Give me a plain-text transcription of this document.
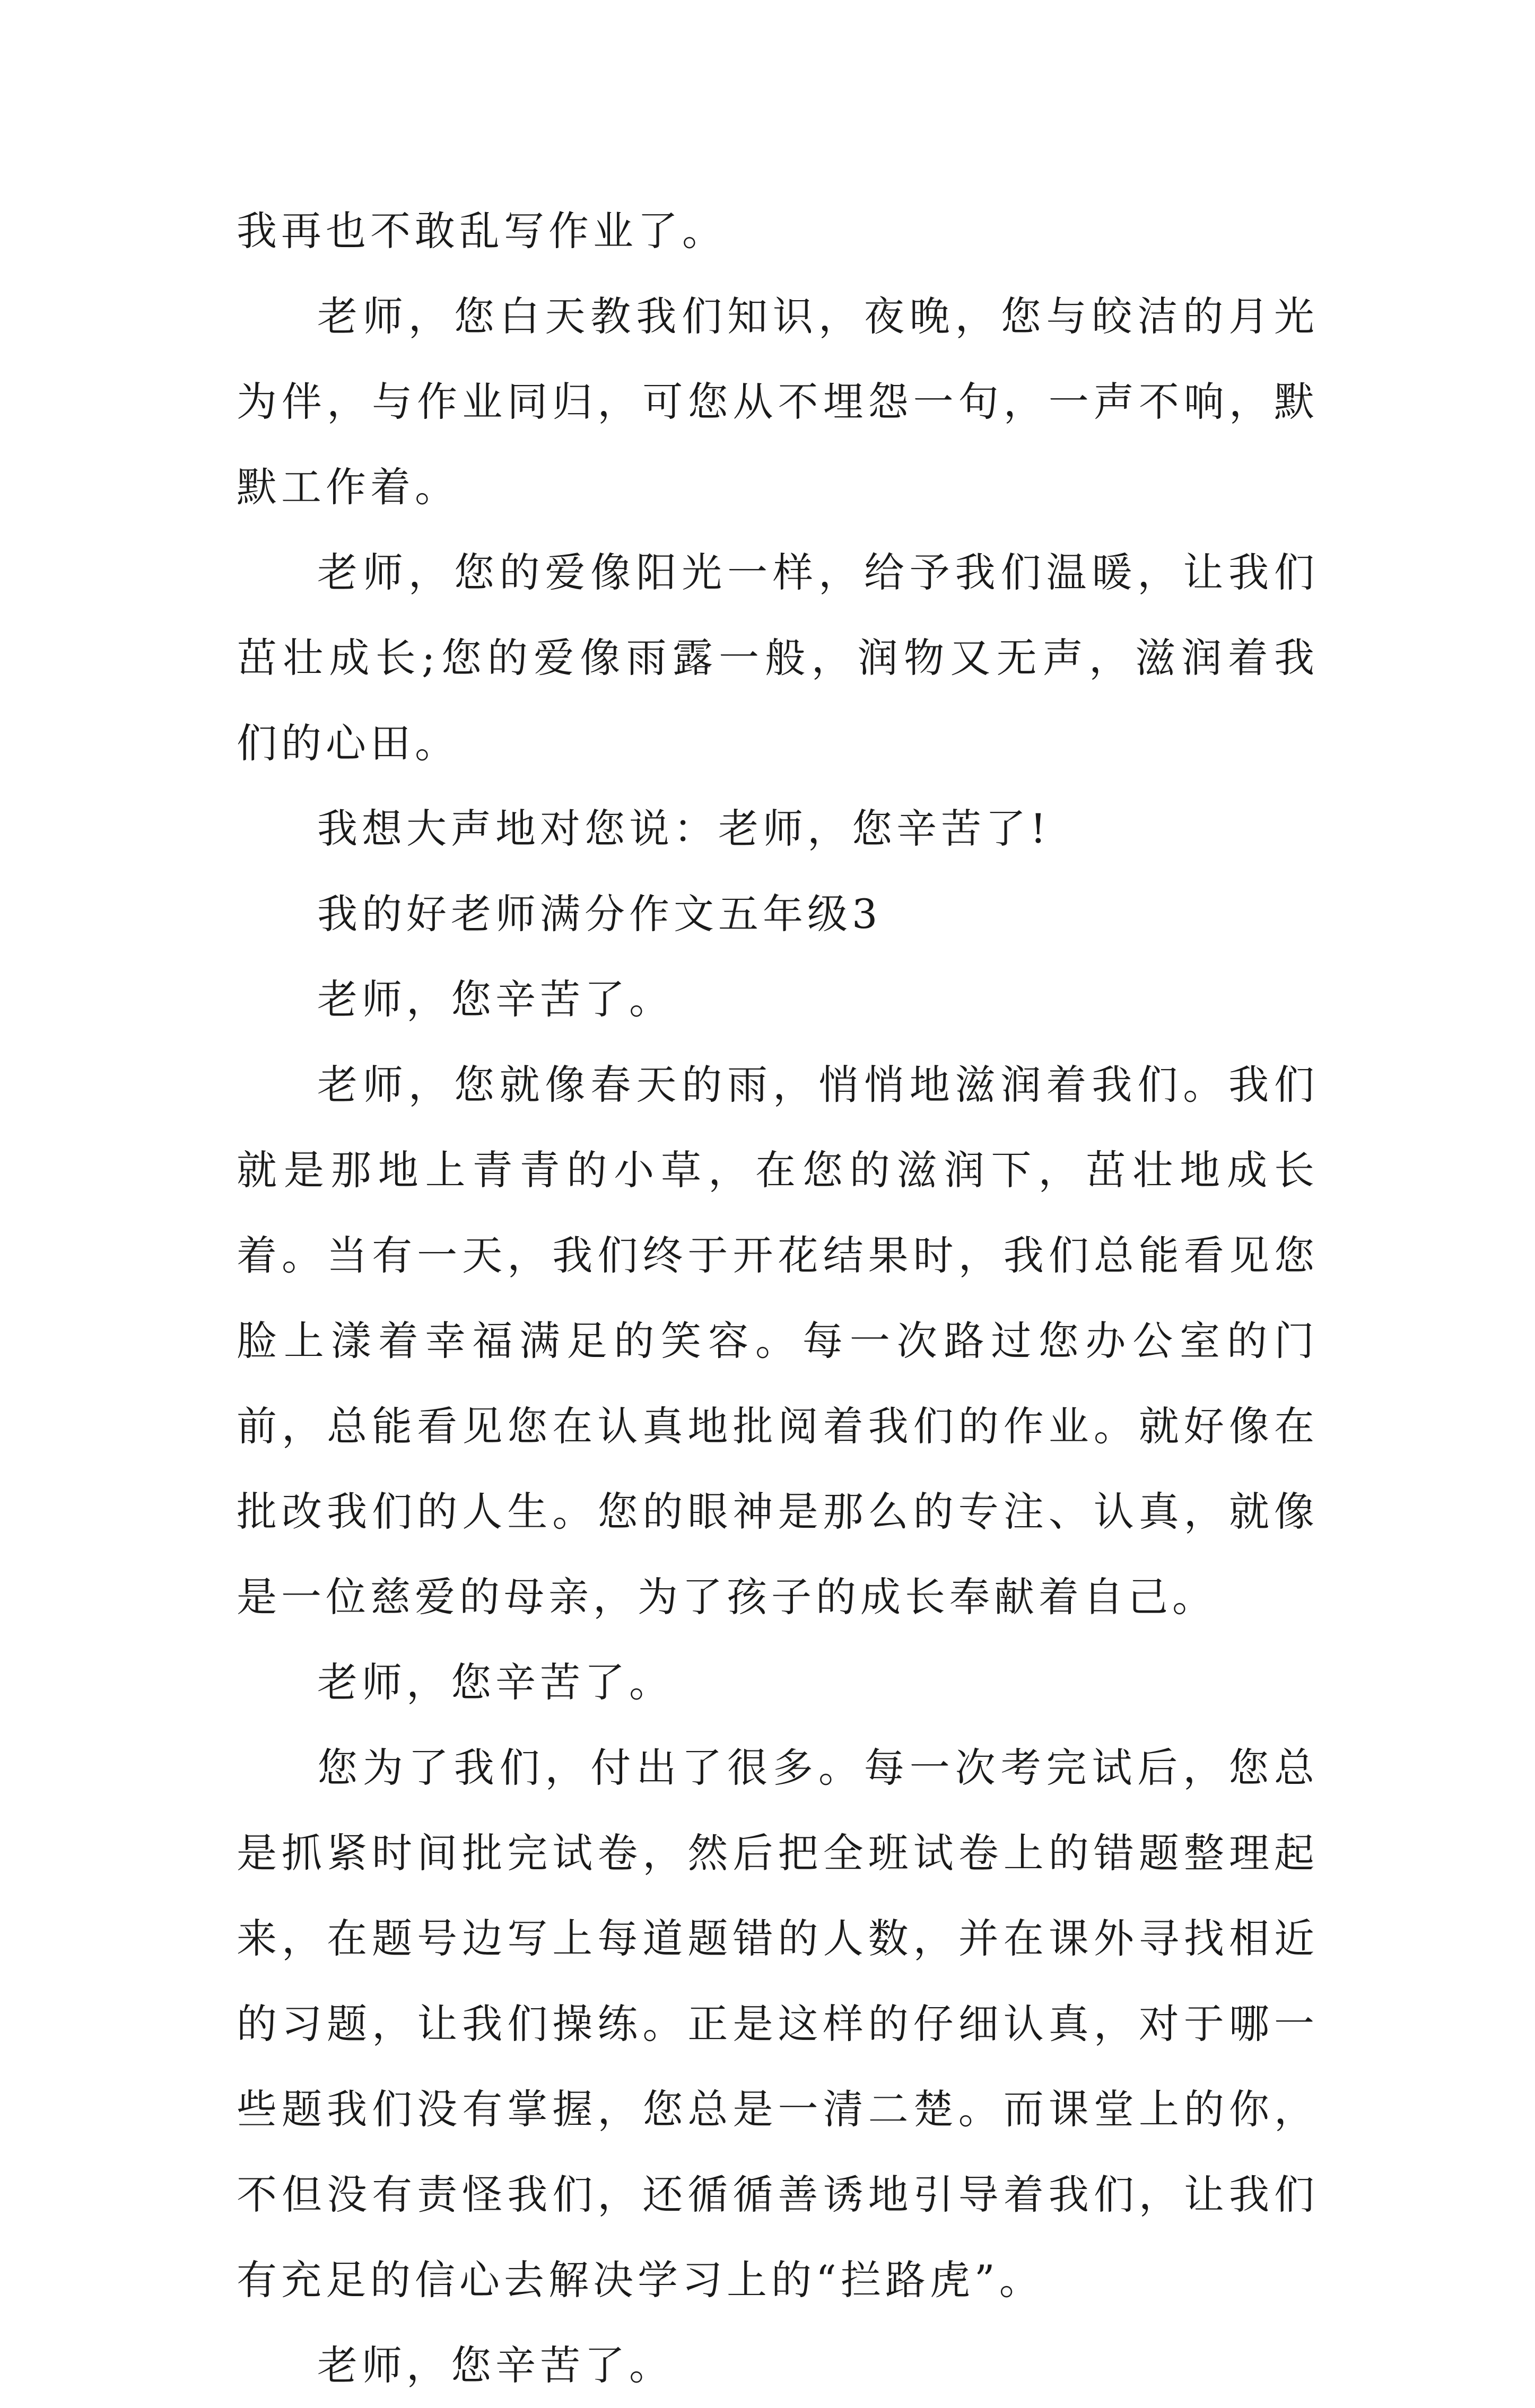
我再也不敢乱写作业了。

老师，您白天教我们知识，夜晚，您与皎洁的月光为伴，与作业同归，可您从不埋怨一句，一声不响，默默工作着。

老师，您的爱像阳光一样，给予我们温暖，让我们茁壮成长;您的爱像雨露一般，润物又无声，滋润着我们的心田。

我想大声地对您说：老师，您辛苦了!

我的好老师满分作文五年级3

老师，您辛苦了。

老师，您就像春天的雨，悄悄地滋润着我们。我们就是那地上青青的小草，在您的滋润下，茁壮地成长着。当有一天，我们终于开花结果时，我们总能看见您脸上漾着幸福满足的笑容。每一次路过您办公室的门前，总能看见您在认真地批阅着我们的作业。就好像在批改我们的人生。您的眼神是那么的专注、认真，就像是一位慈爱的母亲，为了孩子的成长奉献着自己。

老师，您辛苦了。

您为了我们，付出了很多。每一次考完试后，您总是抓紧时间批完试卷，然后把全班试卷上的错题整理起来，在题号边写上每道题错的人数，并在课外寻找相近的习题，让我们操练。正是这样的仔细认真，对于哪一些题我们没有掌握，您总是一清二楚。而课堂上的你，不但没有责怪我们，还循循善诱地引导着我们，让我们有充足的信心去解决学习上的“拦路虎”。

老师，您辛苦了。
